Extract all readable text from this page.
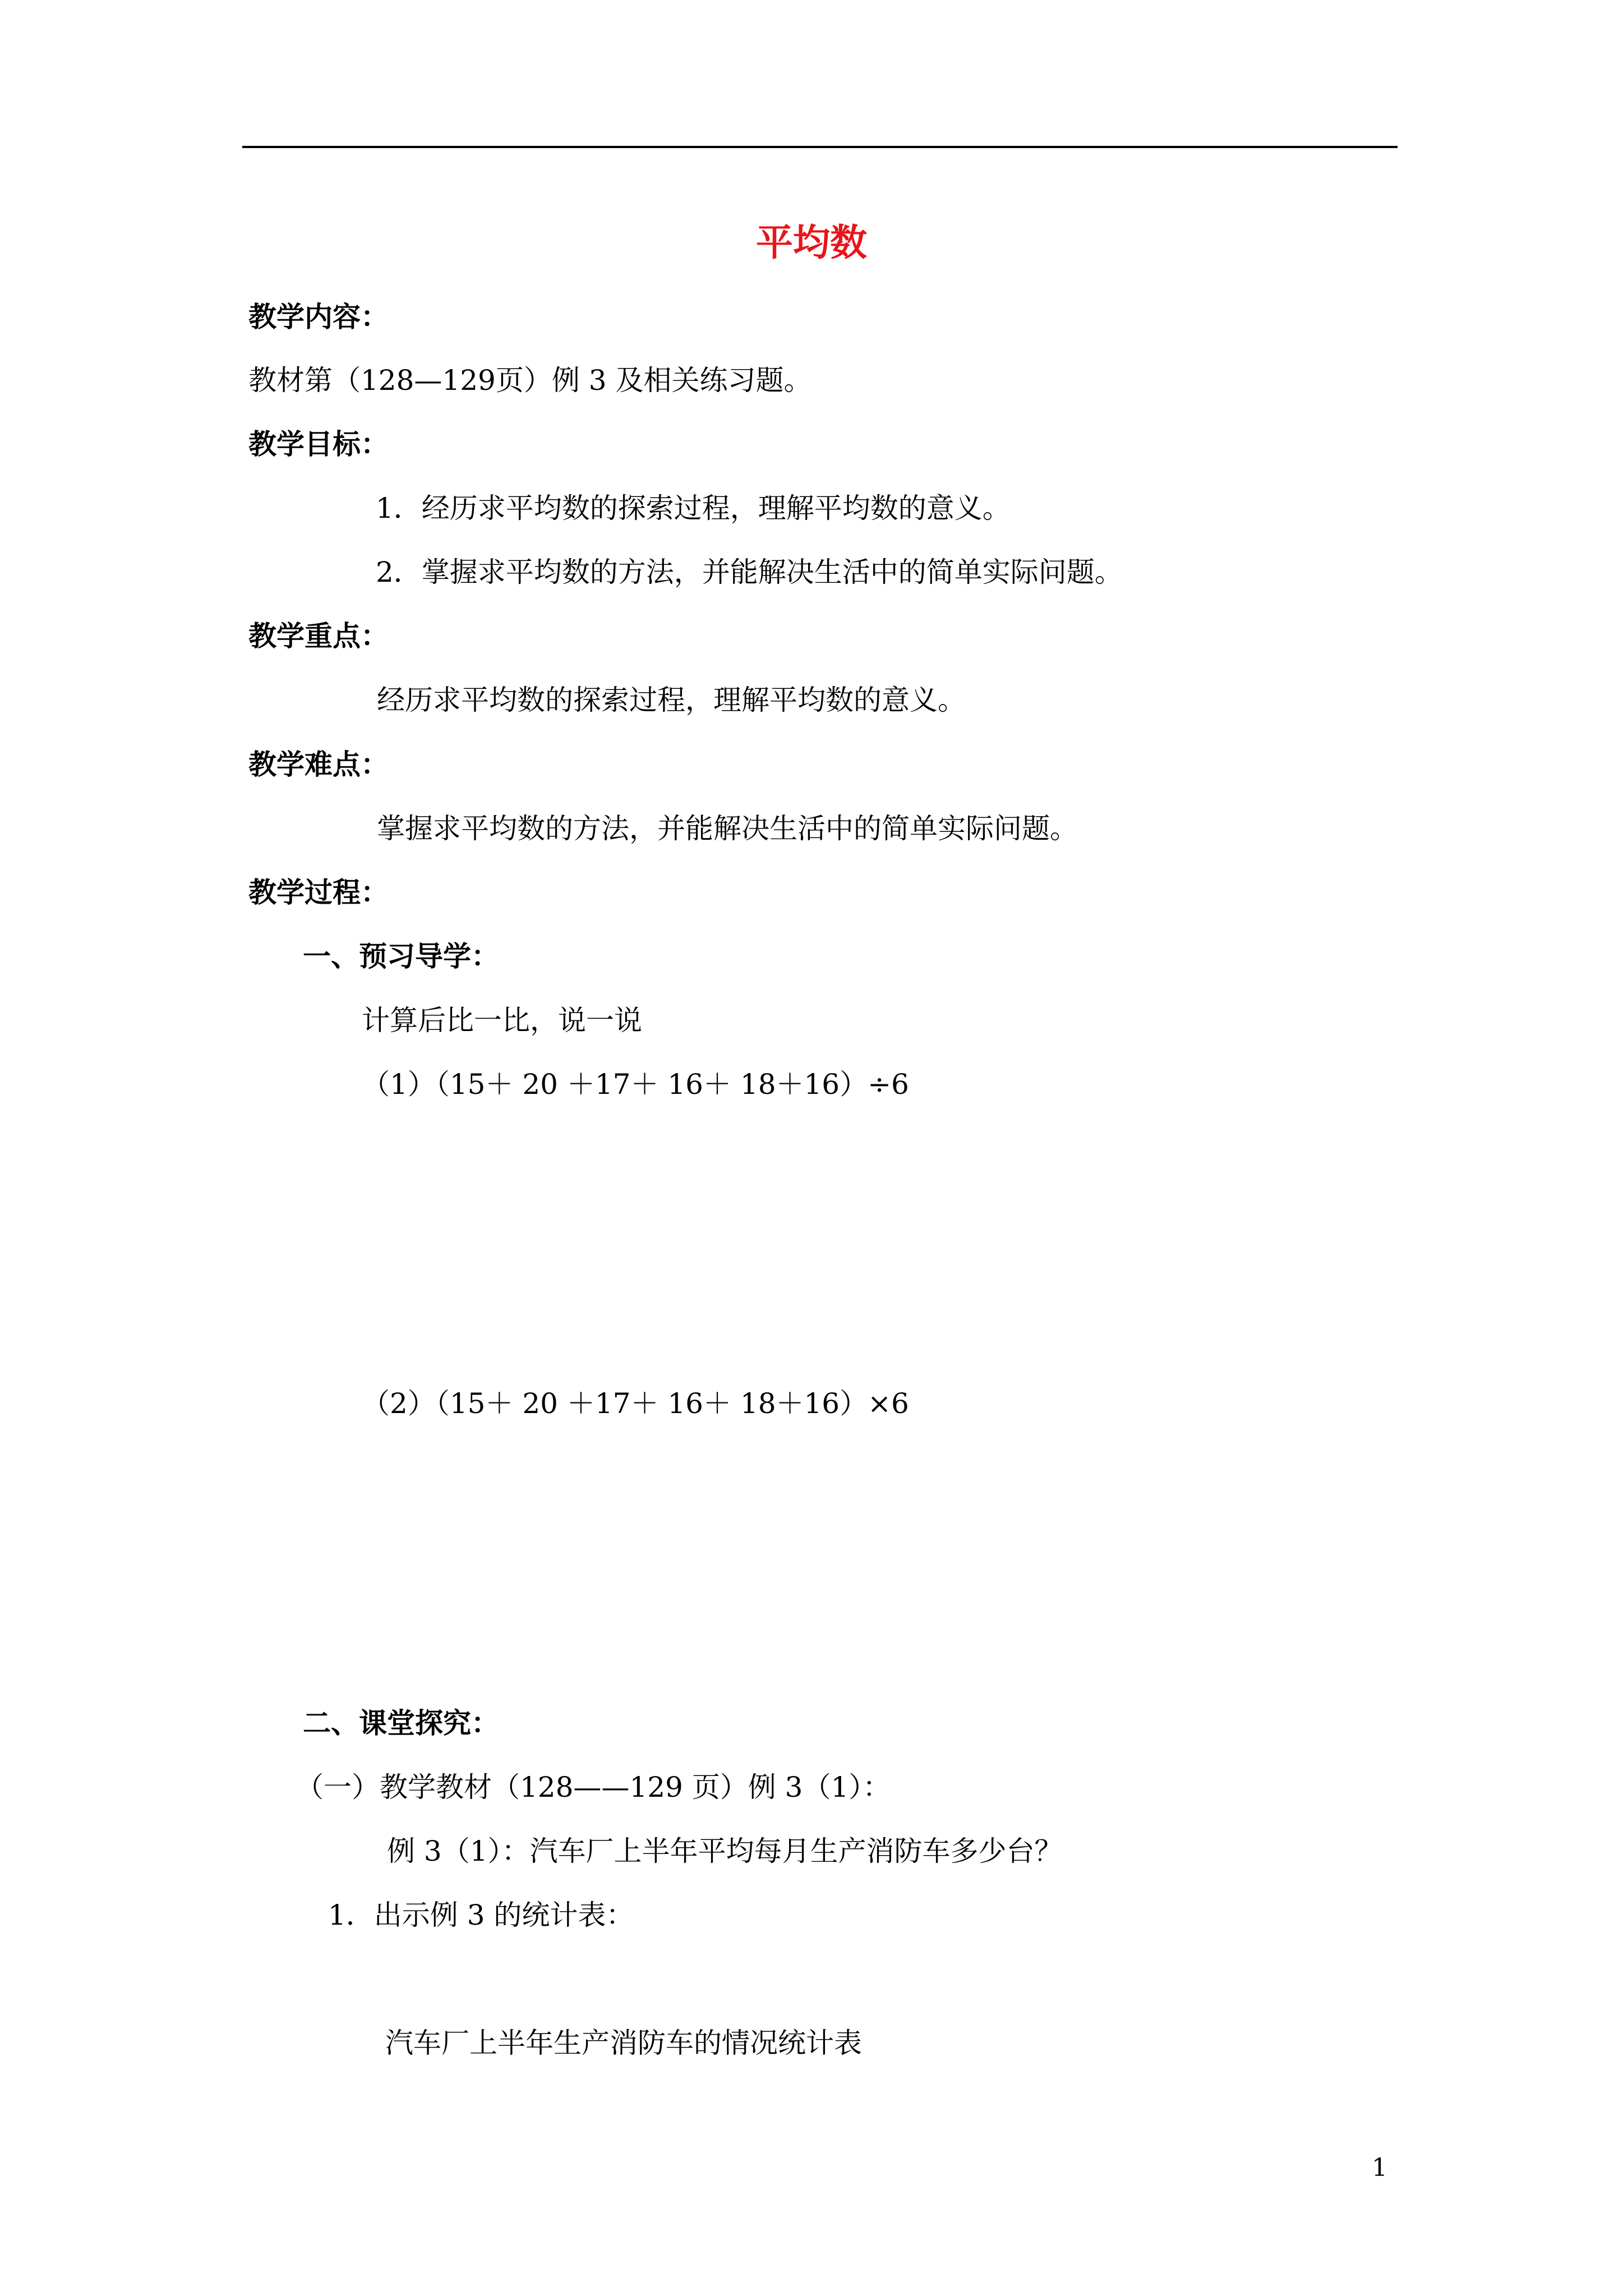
平均数
教学内容：
教材第（128—129页）例 3 及相关练习题。
教学目标：
1．经历求平均数的探索过程，理解平均数的意义。
2．掌握求平均数的方法，并能解决生活中的简单实际问题。
教学重点：
经历求平均数的探索过程，理解平均数的意义。
教学难点：
掌握求平均数的方法，并能解决生活中的简单实际问题。
教学过程：
一、预习导学：
计算后比一比，说一说
（1）（15＋ 20 ＋17＋ 16＋ 18＋16）÷6
（2）（15＋ 20 ＋17＋ 16＋ 18＋16）×6
二、课堂探究：
（一）教学教材（128——129 页）例 3（1）：
例 3（1）：汽车厂上半年平均每月生产消防车多少台？
1．出示例 3 的统计表：
汽车厂上半年生产消防车的情况统计表
1
